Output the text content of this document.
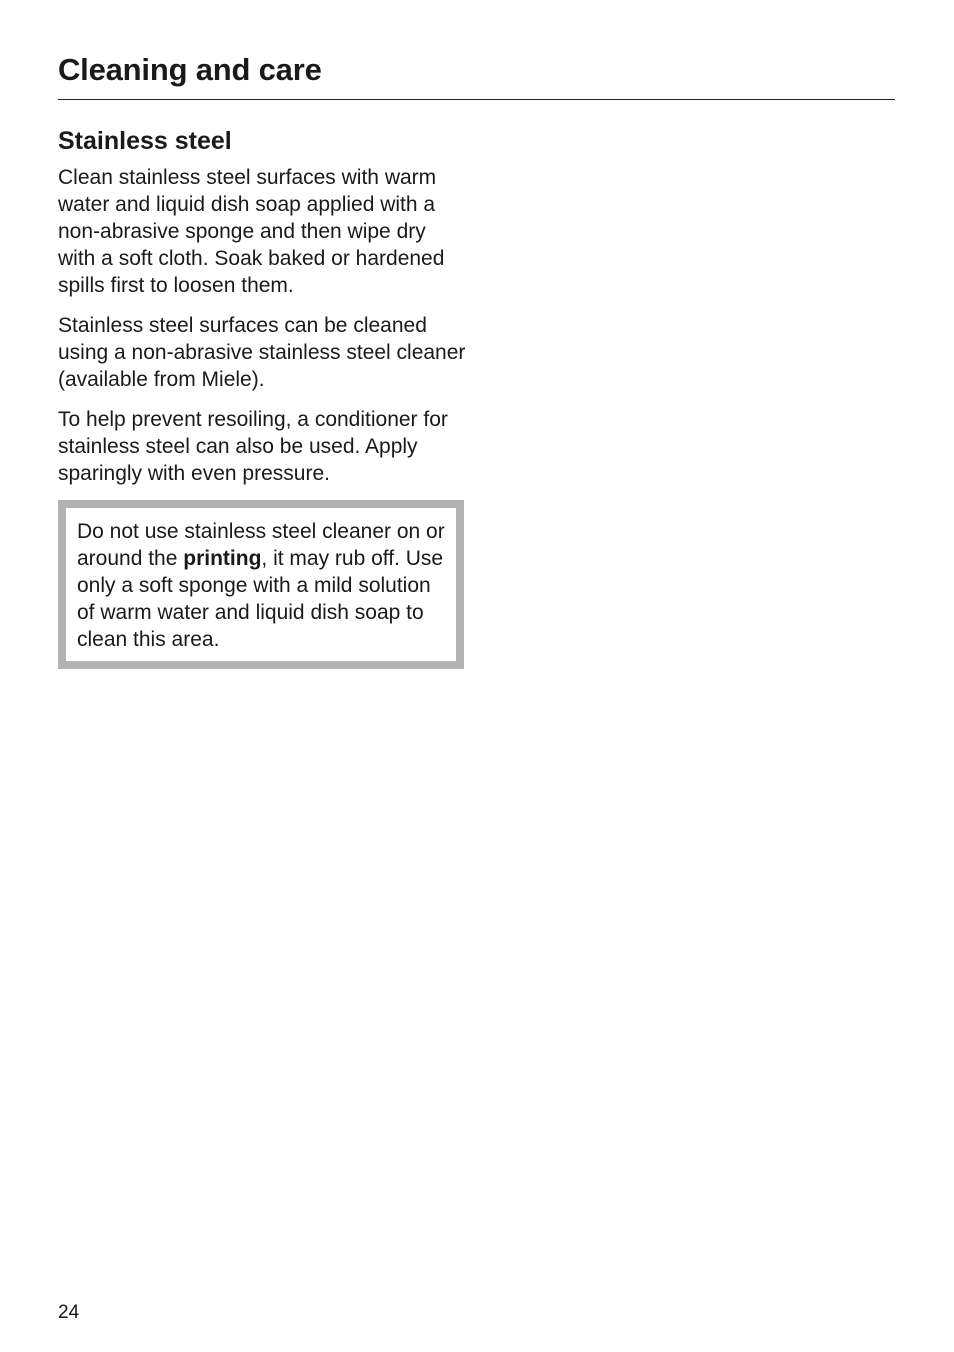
Cleaning and care
Stainless steel

Clean stainless steel surfaces with warm water and liquid dish soap applied with a non-abrasive sponge and then wipe dry with a soft cloth. Soak baked or hardened spills first to loosen them.

Stainless steel surfaces can be cleaned using a non-abrasive stainless steel cleaner (available from Miele).

To help prevent resoiling, a conditioner for stainless steel can also be used. Apply sparingly with even pressure.

Do not use stainless steel cleaner on or around the printing, it may rub off. Use only a soft sponge with a mild solution of warm water and liquid dish soap to clean this area.

24
